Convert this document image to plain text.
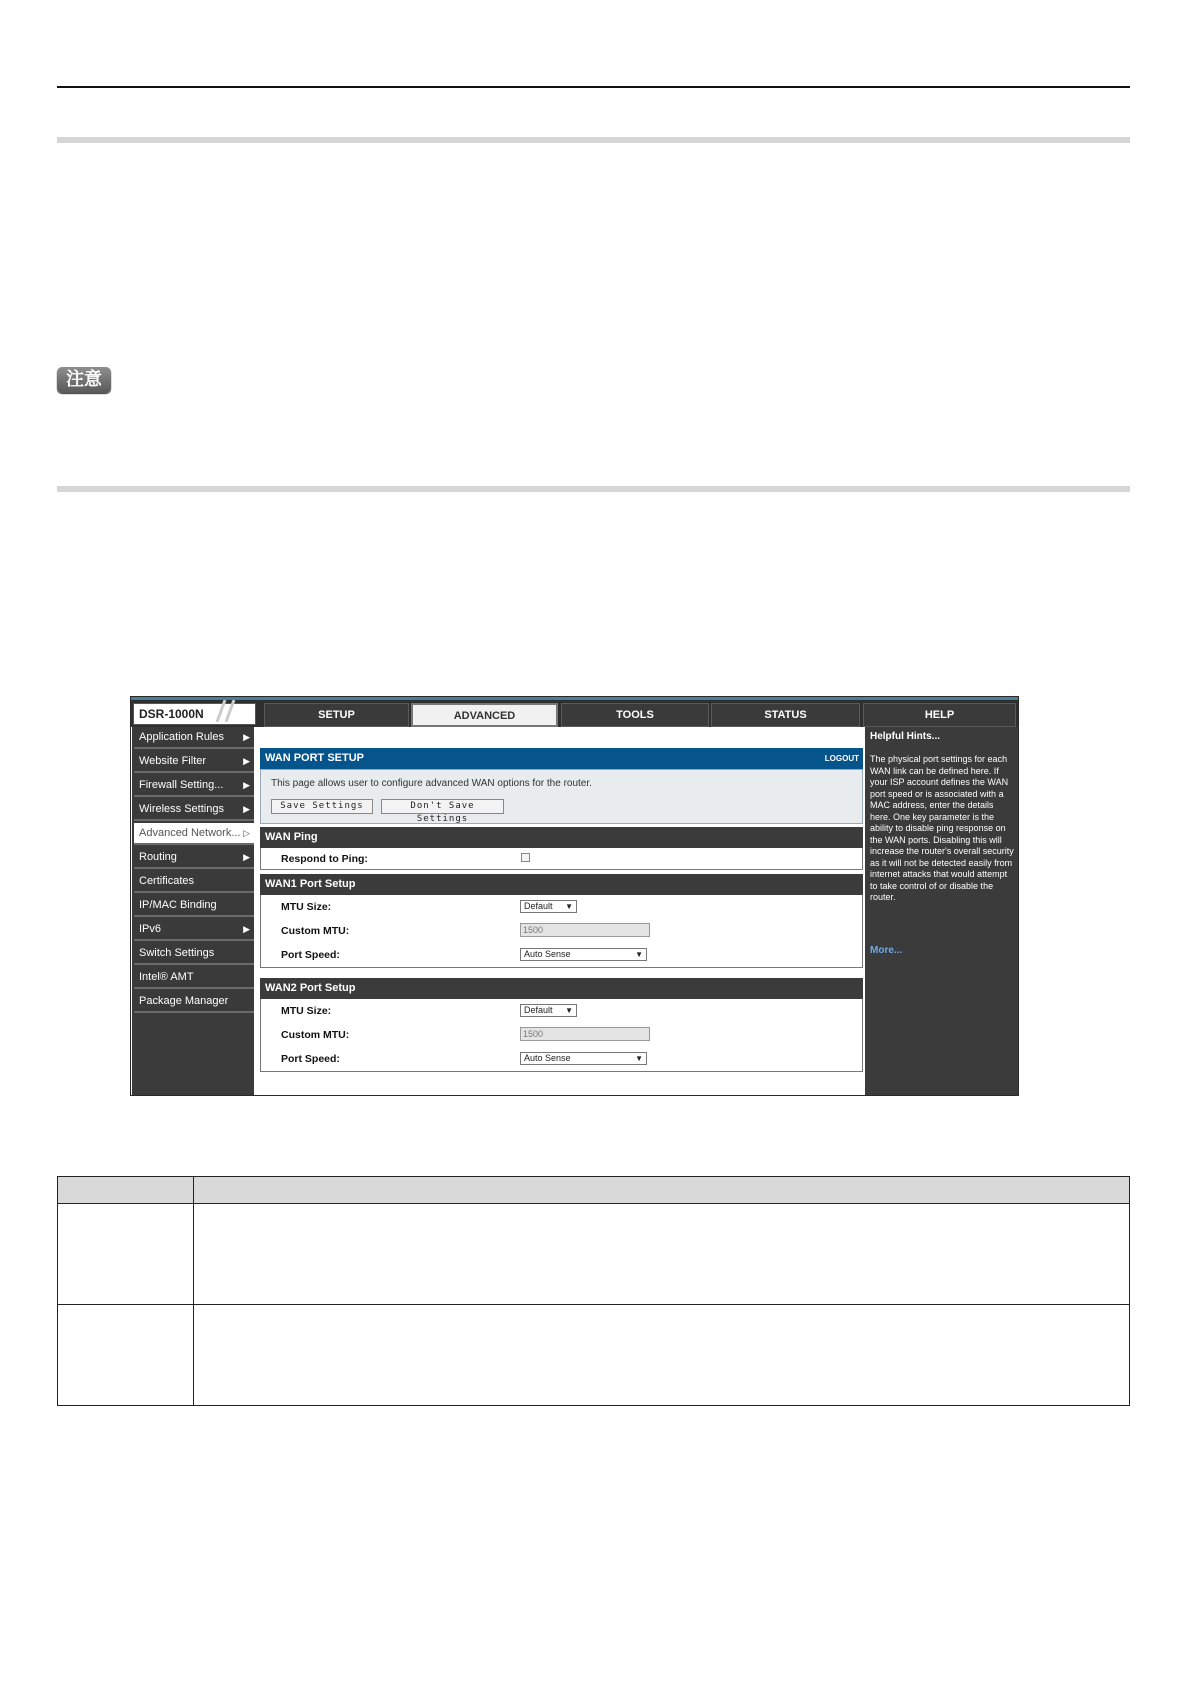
注意
DSR-1000N	SETUP	ADVANCED	TOOLS	STATUS	HELP
Application Rules ▶
Website Filter	▶
Firewall Setting... ▶
Wireless Settings ▶
Advanced Network... ▷
Routing	▶
Certificates
IP/MAC Binding
IPv6	▶
Switch Settings
Intel® AMT
Package Manager
WAN PORT SETUP	LOGOUT
This page allows user to configure advanced WAN options for the router.
Save Settings	Don't Save Settings
WAN Ping
Respond to Ping:
WAN1 Port Setup
MTU Size:	Default ▼
Custom MTU:	1500
Port Speed:	Auto Sense	▼
WAN2 Port Setup
MTU Size:	Default ▼
Custom MTU:	1500
Port Speed:	Auto Sense	▼
Helpful Hints...
The physical port settings for each WAN link can be defined here. If your ISP account defines the WAN port speed or is associated with a MAC address, enter the details here. One key parameter is the ability to disable ping response on the WAN ports. Disabling this will increase the router's overall security as it will not be detected easily from internet attacks that would attempt to take control of or disable the router.
More...
